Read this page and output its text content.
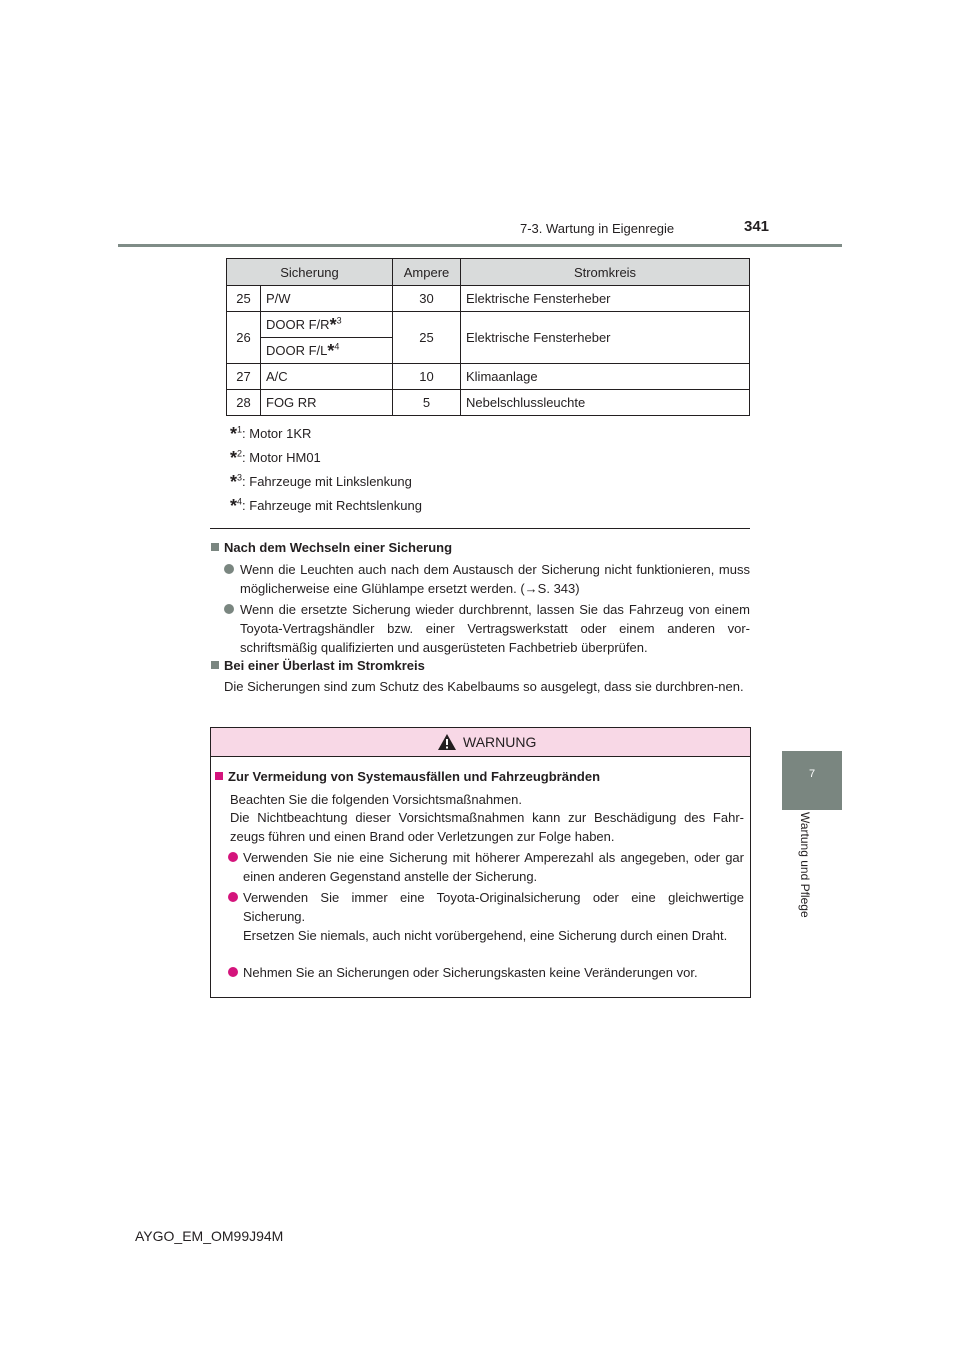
7-3. Wartung in Eigenregie	341
7
Wartung und Pflege
Sicherung		Ampere	Stromkreis
25	P/W	30	Elektrische Fensterheber
26	DOOR F/R*$^3$	25	Elektrische Fensterheber
	DOOR F/L*$^4$
27	A/C	10	Klimaanlage
28	FOG RR	5	Nebelschlussleuchte
*$^1$: Motor 1KR
*$^2$: Motor HM01
*$^3$: Fahrzeuge mit Linkslenkung
*$^4$: Fahrzeuge mit Rechtslenkung
Nach dem Wechseln einer Sicherung
Wenn die Leuchten auch nach dem Austausch der Sicherung nicht funktionieren, muss möglicherweise eine Glühlampe ersetzt werden. (→S. 343)
Wenn die ersetzte Sicherung wieder durchbrennt, lassen Sie das Fahrzeug von einem Toyota-Vertragshändler bzw. einer Vertragswerkstatt oder einem anderen vor-schriftsmäßig qualifizierten und ausgerüsteten Fachbetrieb überprüfen.
Bei einer Überlast im Stromkreis
Die Sicherungen sind zum Schutz des Kabelbaums so ausgelegt, dass sie durchbren-nen.
WARNUNG
Zur Vermeidung von Systemausfällen und Fahrzeugbränden
Beachten Sie die folgenden Vorsichtsmaßnahmen.
Die Nichtbeachtung dieser Vorsichtsmaßnahmen kann zur Beschädigung des Fahr-zeugs führen und einen Brand oder Verletzungen zur Folge haben.
Verwenden Sie nie eine Sicherung mit höherer Amperezahl als angegeben, oder gar einen anderen Gegenstand anstelle der Sicherung.
Verwenden Sie immer eine Toyota-Originalsicherung oder eine gleichwertige Sicherung.
Ersetzen Sie niemals, auch nicht vorübergehend, eine Sicherung durch einen Draht.
Nehmen Sie an Sicherungen oder Sicherungskasten keine Veränderungen vor.
AYGO_EM_OM99J94M
